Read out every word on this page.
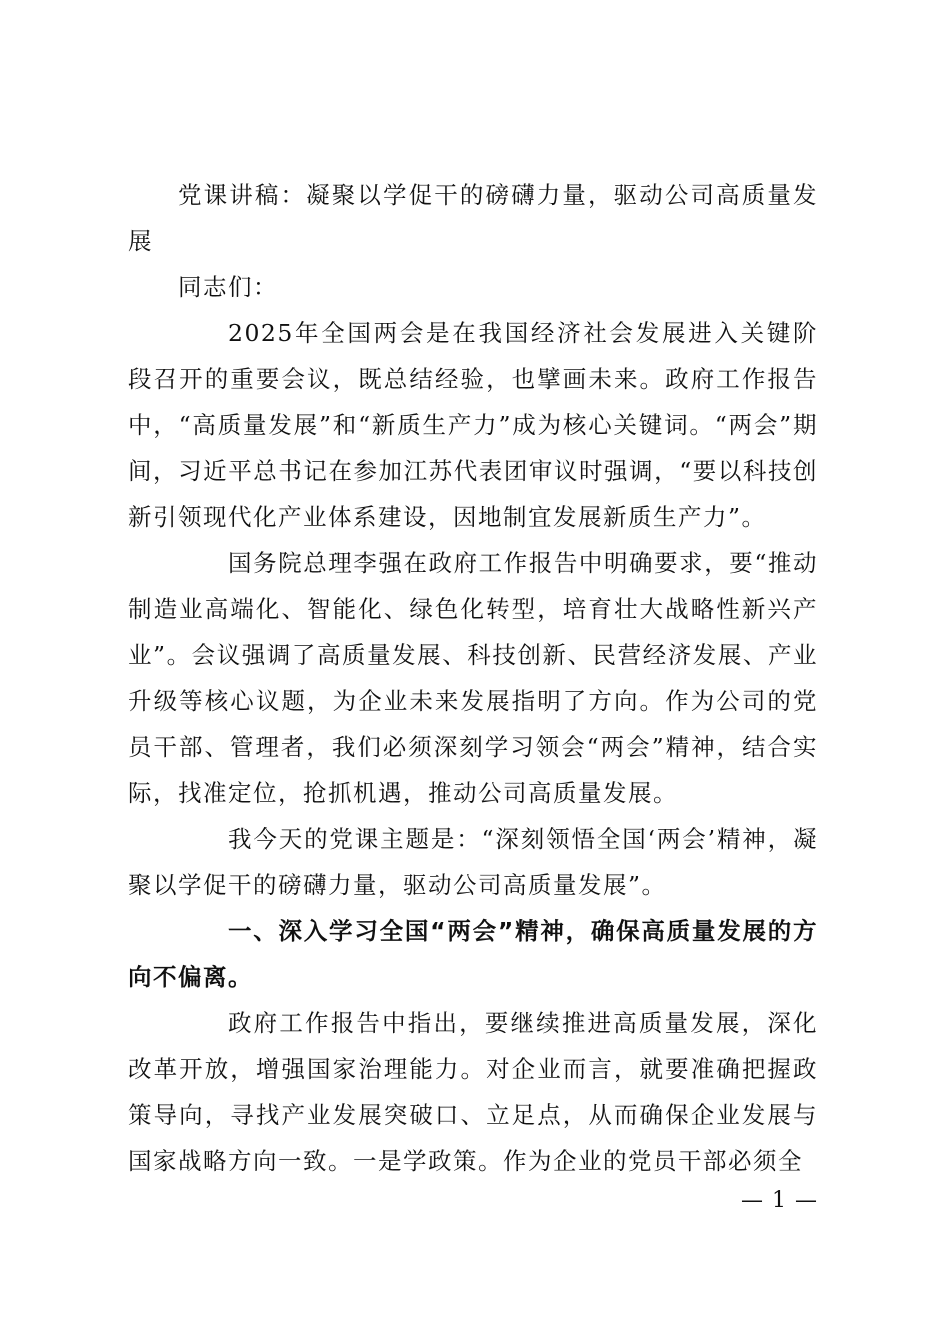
党课讲稿：凝聚以学促干的磅礴力量，驱动公司高质量发展

同志们：

2025年全国两会是在我国经济社会发展进入关键阶段召开的重要会议，既总结经验，也擘画未来。政府工作报告中，“高质量发展”和“新质生产力”成为核心关键词。“两会”期间，习近平总书记在参加江苏代表团审议时强调，“要以科技创新引领现代化产业体系建设，因地制宜发展新质生产力”。

国务院总理李强在政府工作报告中明确要求，要“推动制造业高端化、智能化、绿色化转型，培育壮大战略性新兴产业”。会议强调了高质量发展、科技创新、民营经济发展、产业升级等核心议题，为企业未来发展指明了方向。作为公司的党员干部、管理者，我们必须深刻学习领会“两会”精神，结合实际，找准定位，抢抓机遇，推动公司高质量发展。

我今天的党课主题是：“深刻领悟全国‘两会’精神，凝聚以学促干的磅礴力量，驱动公司高质量发展”。

一、深入学习全国“两会”精神，确保高质量发展的方向不偏离。

政府工作报告中指出，要继续推进高质量发展，深化改革开放，增强国家治理能力。对企业而言，就要准确把握政策导向，寻找产业发展突破口、立足点，从而确保企业发展与国家战略方向一致。一是学政策。作为企业的党员干部必须全

— 1 —
